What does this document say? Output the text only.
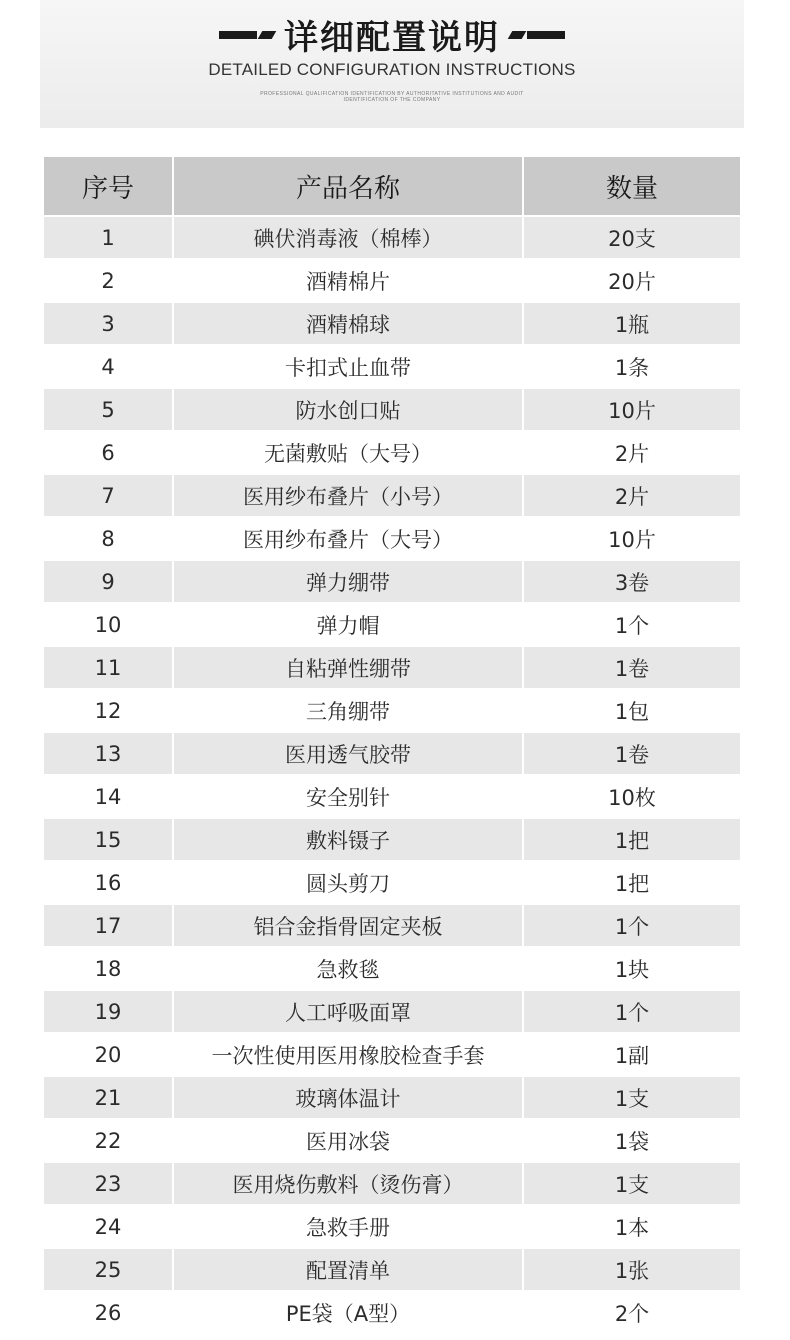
详细配置说明
DETAILED CONFIGURATION INSTRUCTIONS
PROFESSIONAL QUALIFICATION IDENTIFICATION BY AUTHORITATIVE INSTITUTIONS AND AUDIT
IDENTIFICATION OF THE COMPANY
序号	产品名称	数量
1	碘伏消毒液（棉棒）	20支
2	酒精棉片	20片
3	酒精棉球	1瓶
4	卡扣式止血带	1条
5	防水创口贴	10片
6	无菌敷贴（大号）	2片
7	医用纱布叠片（小号）	2片
8	医用纱布叠片（大号）	10片
9	弹力绷带	3卷
10	弹力帽	1个
11	自粘弹性绷带	1卷
12	三角绷带	1包
13	医用透气胶带	1卷
14	安全别针	10枚
15	敷料镊子	1把
16	圆头剪刀	1把
17	铝合金指骨固定夹板	1个
18	急救毯	1块
19	人工呼吸面罩	1个
20	一次性使用医用橡胶检查手套	1副
21	玻璃体温计	1支
22	医用冰袋	1袋
23	医用烧伤敷料（烫伤膏）	1支
24	急救手册	1本
25	配置清单	1张
26	PE袋（A型）	2个
